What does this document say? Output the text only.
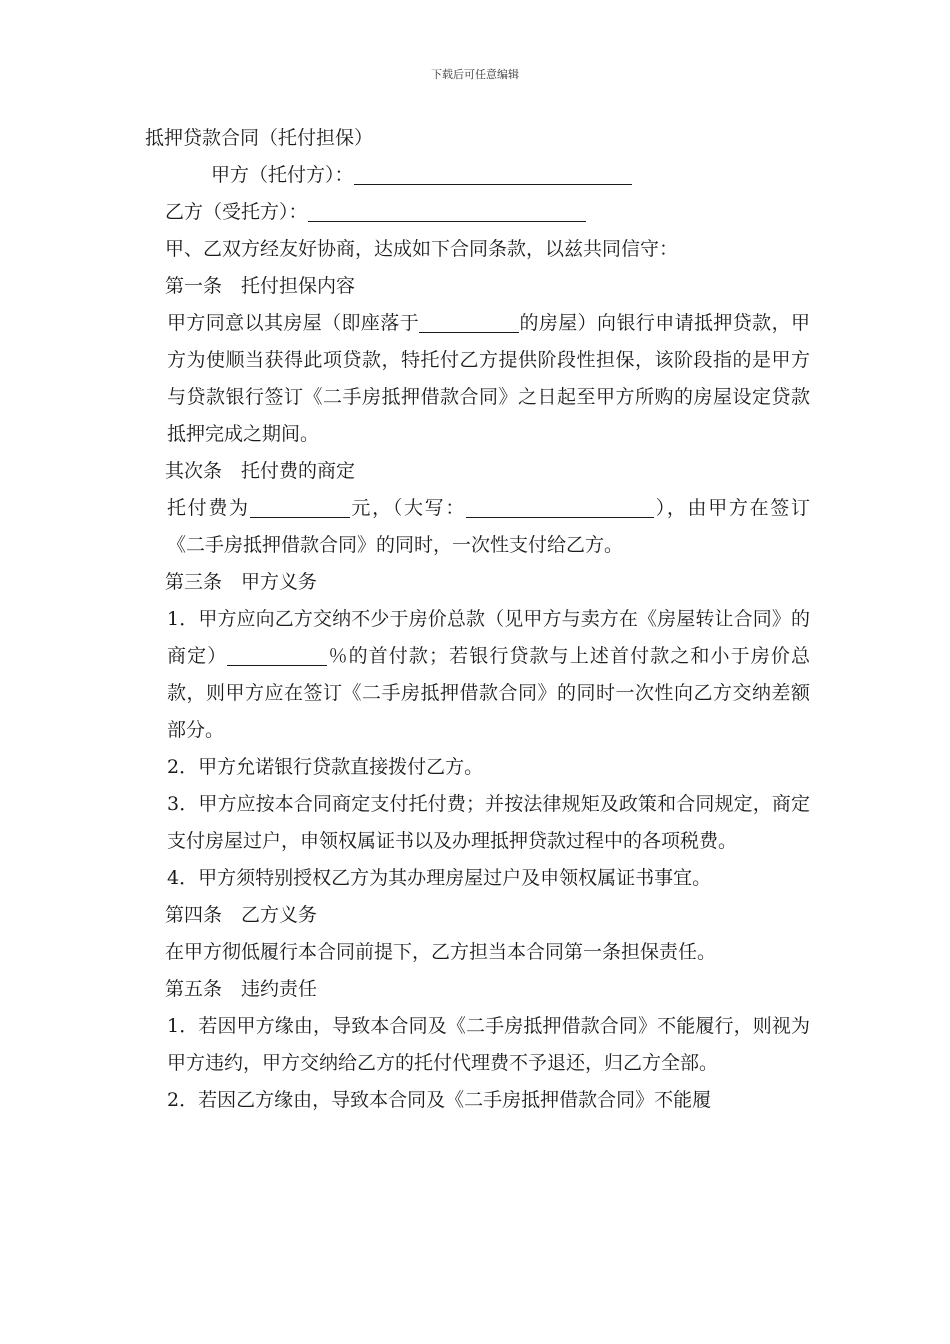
下载后可任意编辑

抵押贷款合同（托付担保）

甲方（托付方）：

乙方（受托方）：

甲、乙双方经友好协商，达成如下合同条款，以兹共同信守：

第一条　托付担保内容

甲方同意以其房屋（即座落于	的房屋）向银行申请抵押贷款，甲方为使顺当获得此项贷款，特托付乙方提供阶段性担保，该阶段指的是甲方与贷款银行签订《二手房抵押借款合同》之日起至甲方所购的房屋设定贷款抵押完成之期间。

其次条　托付费的商定

托付费为	元，（大写：	），由甲方在签订《二手房抵押借款合同》的同时，一次性支付给乙方。

第三条　甲方义务

1．甲方应向乙方交纳不少于房价总款（见甲方与卖方在《房屋转让合同》的商定）	％的首付款；若银行贷款与上述首付款之和小于房价总款，则甲方应在签订《二手房抵押借款合同》的同时一次性向乙方交纳差额部分。

2．甲方允诺银行贷款直接拨付乙方。

3．甲方应按本合同商定支付托付费；并按法律规矩及政策和合同规定，商定支付房屋过户，申领权属证书以及办理抵押贷款过程中的各项税费。

4．甲方须特别授权乙方为其办理房屋过户及申领权属证书事宜。

第四条　乙方义务

在甲方彻低履行本合同前提下，乙方担当本合同第一条担保责任。

第五条　违约责任

1．若因甲方缘由，导致本合同及《二手房抵押借款合同》不能履行，则视为甲方违约，甲方交纳给乙方的托付代理费不予退还，归乙方全部。

2．若因乙方缘由，导致本合同及《二手房抵押借款合同》不能履
